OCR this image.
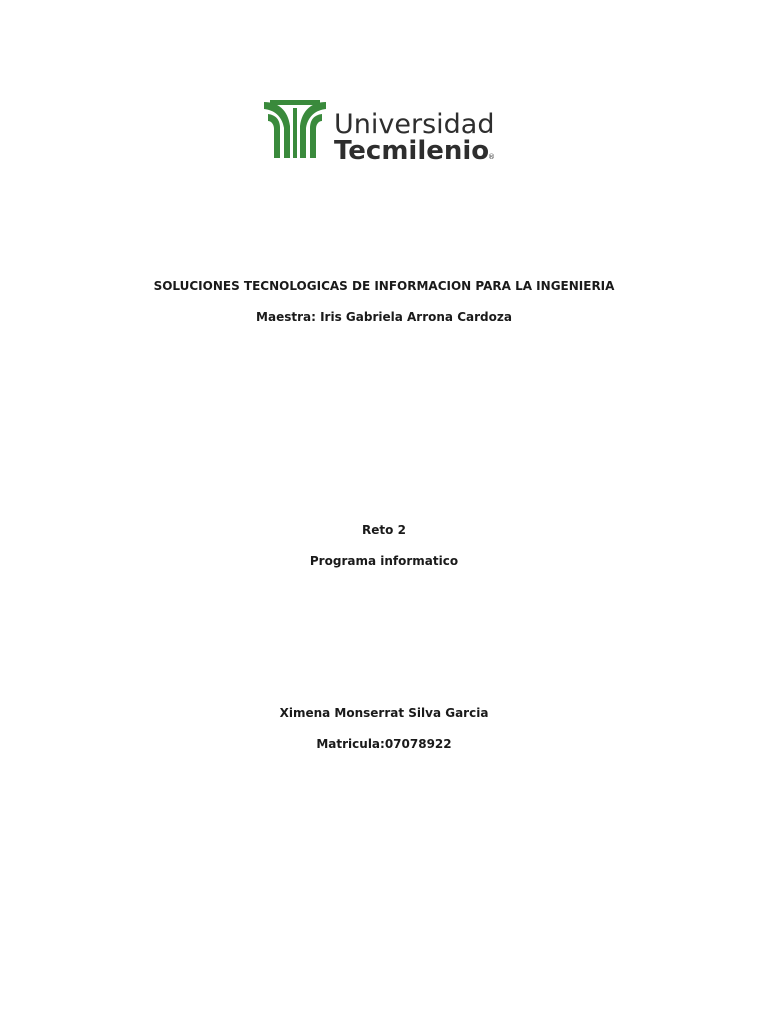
Universidad
Tecmilenio
®
SOLUCIONES TECNOLOGICAS DE INFORMACION PARA LA INGENIERIA
Maestra: Iris Gabriela Arrona Cardoza
Reto 2
Programa informatico
Ximena Monserrat Silva Garcia
Matricula:07078922
